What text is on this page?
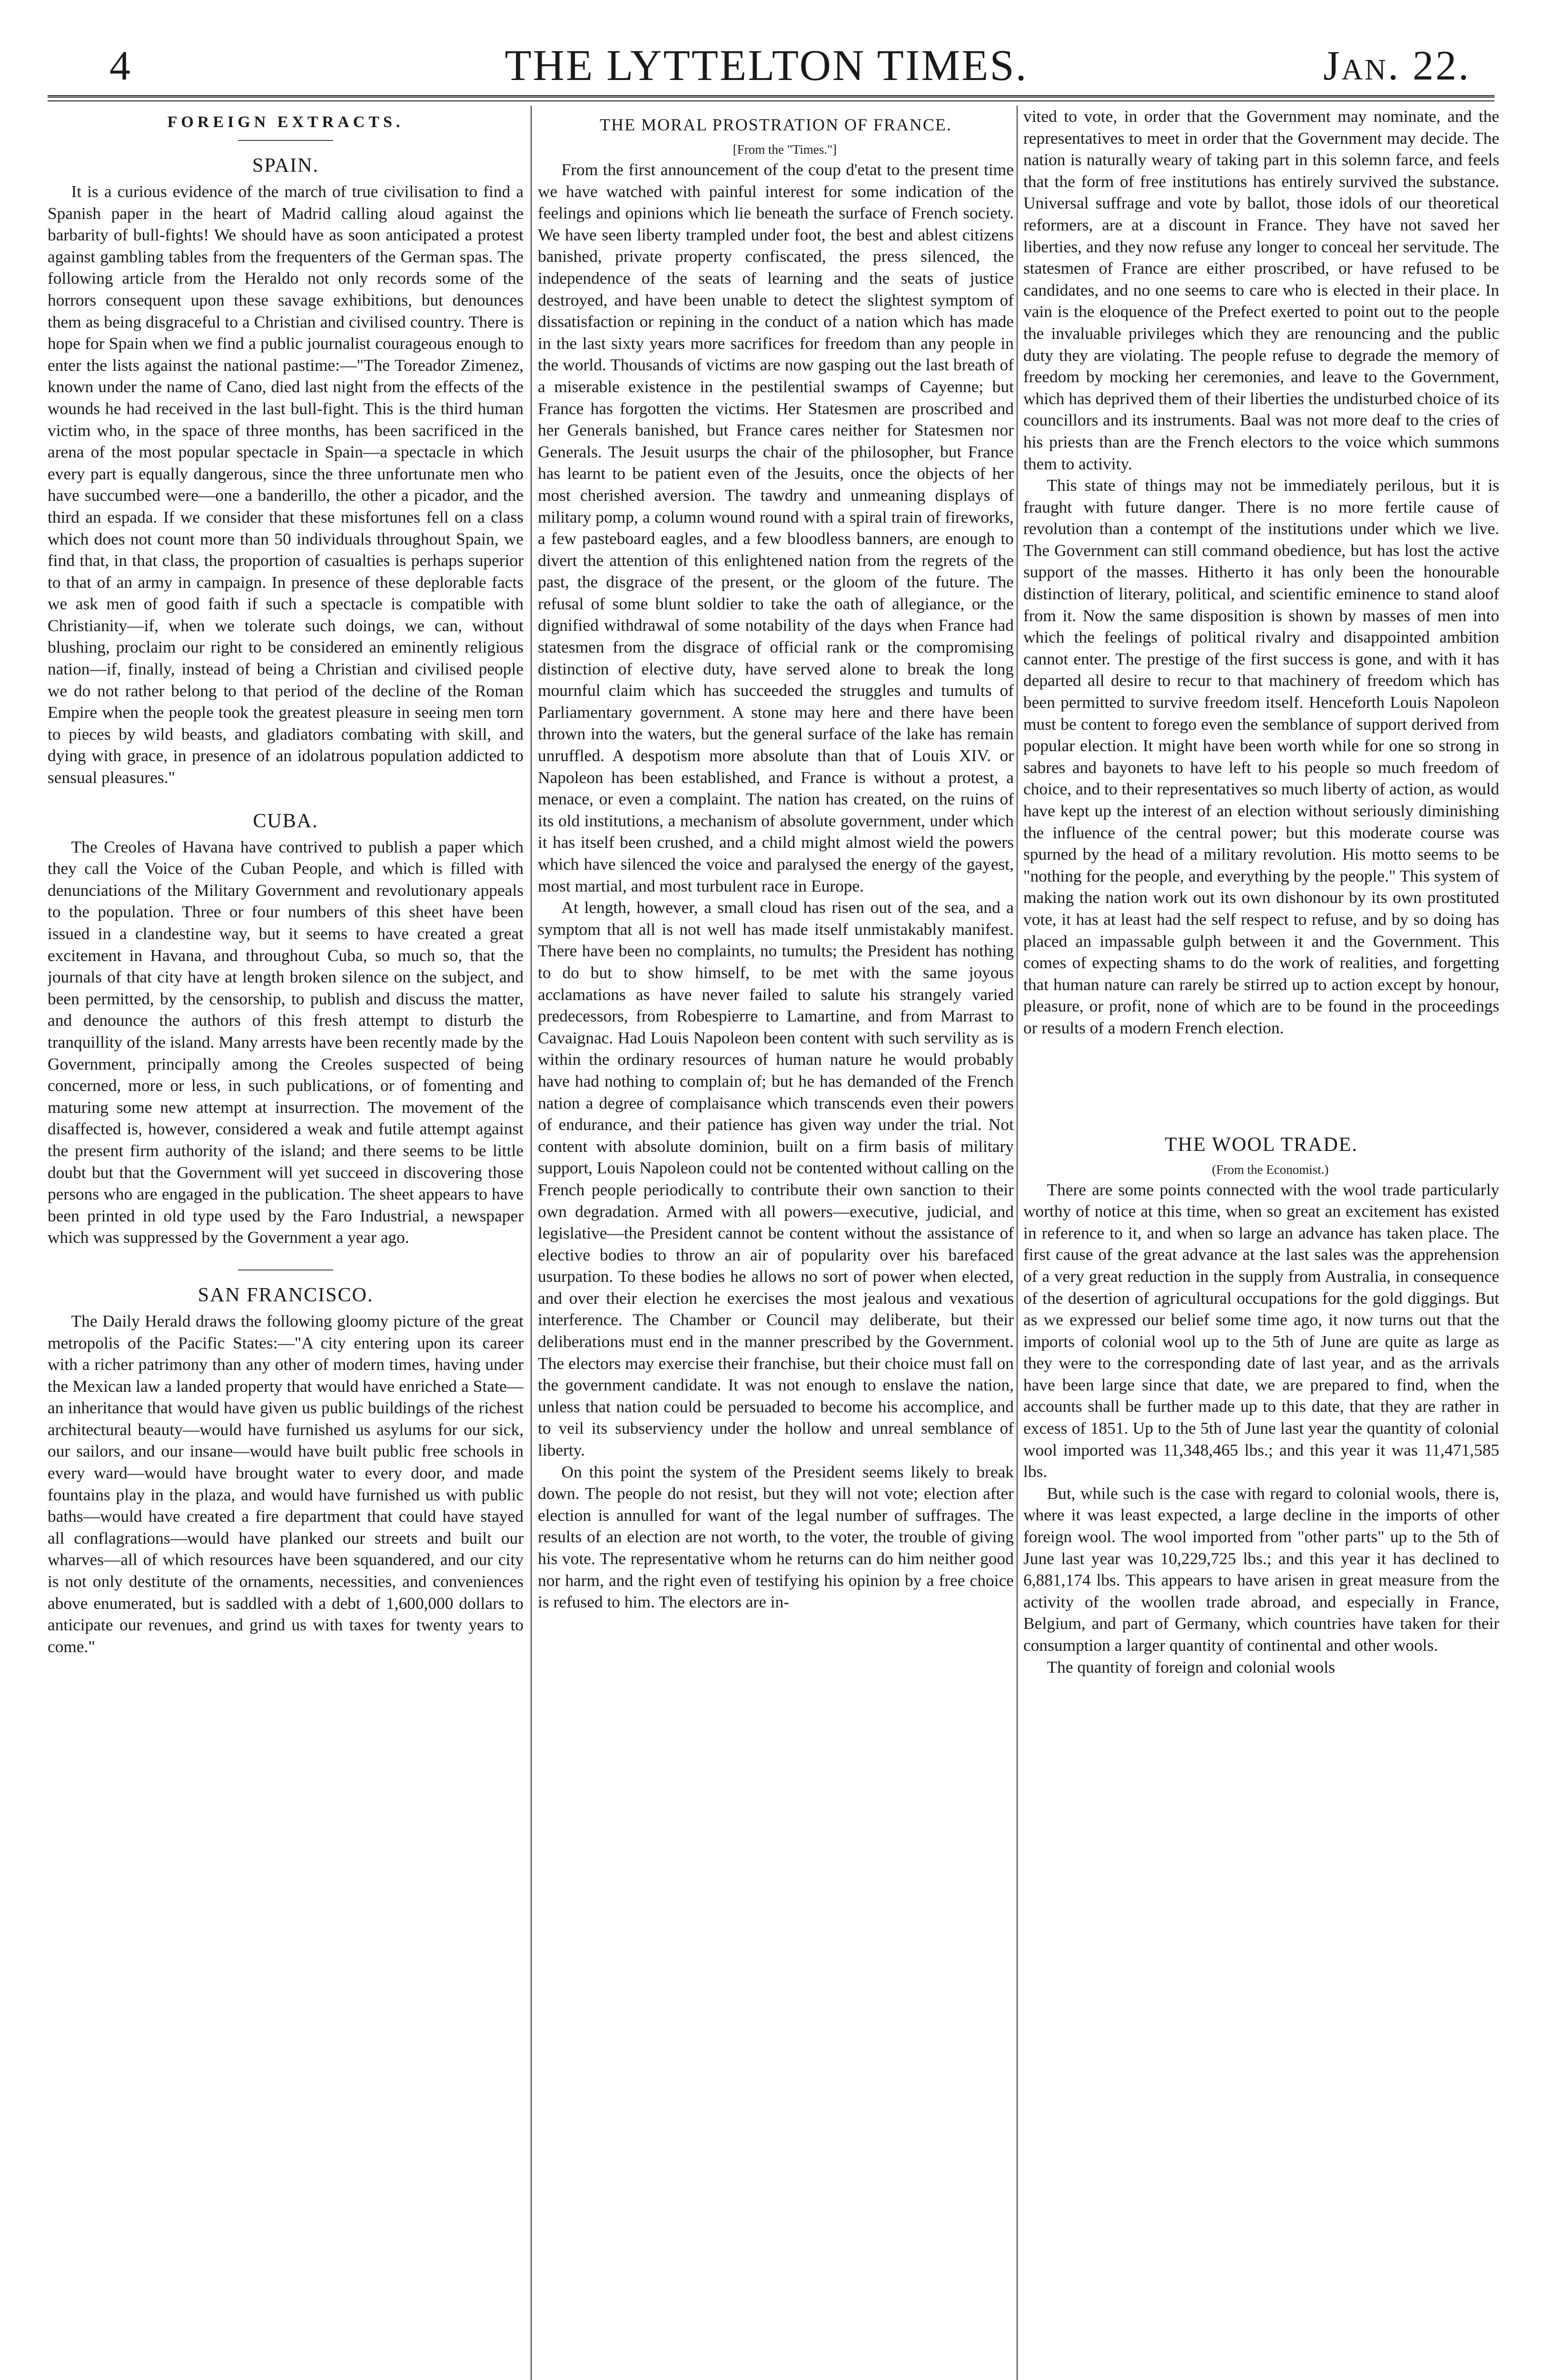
4	THE LYTTELTON TIMES.	Jan. 22.
FOREIGN EXTRACTS.
SPAIN.

It is a curious evidence of the march of true civilisation to find a Spanish paper in the heart of Madrid calling aloud against the barbarity of bull-fights! We should have as soon anticipated a protest against gambling tables from the frequenters of the German spas. The following article from the Heraldo not only records some of the horrors consequent upon these savage exhibitions, but denounces them as being disgraceful to a Christian and civilised country. There is hope for Spain when we find a public journalist courageous enough to enter the lists against the national pastime:—"The Toreador Zimenez, known under the name of Cano, died last night from the effects of the wounds he had received in the last bull-fight. This is the third human victim who, in the space of three months, has been sacrificed in the arena of the most popular spectacle in Spain—a spectacle in which every part is equally dangerous, since the three unfortunate men who have succumbed were—one a banderillo, the other a picador, and the third an espada. If we consider that these misfortunes fell on a class which does not count more than 50 individuals throughout Spain, we find that, in that class, the proportion of casualties is perhaps superior to that of an army in campaign. In presence of these deplorable facts we ask men of good faith if such a spectacle is compatible with Christianity—if, when we tolerate such doings, we can, without blushing, proclaim our right to be considered an eminently religious nation—if, finally, instead of being a Christian and civilised people we do not rather belong to that period of the decline of the Roman Empire when the people took the greatest pleasure in seeing men torn to pieces by wild beasts, and gladiators combating with skill, and dying with grace, in presence of an idolatrous population addicted to sensual pleasures."

CUBA.

The Creoles of Havana have contrived to publish a paper which they call the Voice of the Cuban People, and which is filled with denunciations of the Military Government and revolutionary appeals to the population. Three or four numbers of this sheet have been issued in a clandestine way, but it seems to have created a great excitement in Havana, and throughout Cuba, so much so, that the journals of that city have at length broken silence on the subject, and been permitted, by the censorship, to publish and discuss the matter, and denounce the authors of this fresh attempt to disturb the tranquillity of the island. Many arrests have been recently made by the Government, principally among the Creoles suspected of being concerned, more or less, in such publications, or of fomenting and maturing some new attempt at insurrection. The movement of the disaffected is, however, considered a weak and futile attempt against the present firm authority of the island; and there seems to be little doubt but that the Government will yet succeed in discovering those persons who are engaged in the publication. The sheet appears to have been printed in old type used by the Faro Industrial, a newspaper which was suppressed by the Government a year ago.

SAN FRANCISCO.

The Daily Herald draws the following gloomy picture of the great metropolis of the Pacific States:—"A city entering upon its career with a richer patrimony than any other of modern times, having under the Mexican law a landed property that would have enriched a State—an inheritance that would have given us public buildings of the richest architectural beauty—would have furnished us asylums for our sick, our sailors, and our insane—would have built public free schools in every ward—would have brought water to every door, and made fountains play in the plaza, and would have furnished us with public baths—would have created a fire department that could have stayed all conflagrations—would have planked our streets and built our wharves—all of which resources have been squandered, and our city is not only destitute of the ornaments, necessities, and conveniences above enumerated, but is saddled with a debt of 1,600,000 dollars to anticipate our revenues, and grind us with taxes for twenty years to come."

THE MORAL PROSTRATION OF FRANCE.

[From the "Times."]

From the first announcement of the coup d'etat to the present time we have watched with painful interest for some indication of the feelings and opinions which lie beneath the surface of French society. We have seen liberty trampled under foot, the best and ablest citizens banished, private property confiscated, the press silenced, the independence of the seats of learning and the seats of justice destroyed, and have been unable to detect the slightest symptom of dissatisfaction or repining in the conduct of a nation which has made in the last sixty years more sacrifices for freedom than any people in the world. Thousands of victims are now gasping out the last breath of a miserable existence in the pestilential swamps of Cayenne; but France has forgotten the victims. Her Statesmen are proscribed and her Generals banished, but France cares neither for Statesmen nor Generals. The Jesuit usurps the chair of the philosopher, but France has learnt to be patient even of the Jesuits, once the objects of her most cherished aversion. The tawdry and unmeaning displays of military pomp, a column wound round with a spiral train of fireworks, a few pasteboard eagles, and a few bloodless banners, are enough to divert the attention of this enlightened nation from the regrets of the past, the disgrace of the present, or the gloom of the future. The refusal of some blunt soldier to take the oath of allegiance, or the dignified withdrawal of some notability of the days when France had statesmen from the disgrace of official rank or the compromising distinction of elective duty, have served alone to break the long mournful claim which has succeeded the struggles and tumults of Parliamentary government. A stone may here and there have been thrown into the waters, but the general surface of the lake has remain unruffled. A despotism more absolute than that of Louis XIV. or Napoleon has been established, and France is without a protest, a menace, or even a complaint. The nation has created, on the ruins of its old institutions, a mechanism of absolute government, under which it has itself been crushed, and a child might almost wield the powers which have silenced the voice and paralysed the energy of the gayest, most martial, and most turbulent race in Europe.

At length, however, a small cloud has risen out of the sea, and a symptom that all is not well has made itself unmistakably manifest. There have been no complaints, no tumults; the President has nothing to do but to show himself, to be met with the same joyous acclamations as have never failed to salute his strangely varied predecessors, from Robespierre to Lamartine, and from Marrast to Cavaignac. Had Louis Napoleon been content with such servility as is within the ordinary resources of human nature he would probably have had nothing to complain of; but he has demanded of the French nation a degree of complaisance which transcends even their powers of endurance, and their patience has given way under the trial. Not content with absolute dominion, built on a firm basis of military support, Louis Napoleon could not be contented without calling on the French people periodically to contribute their own sanction to their own degradation. Armed with all powers—executive, judicial, and legislative—the President cannot be content without the assistance of elective bodies to throw an air of popularity over his barefaced usurpation. To these bodies he allows no sort of power when elected, and over their election he exercises the most jealous and vexatious interference. The Chamber or Council may deliberate, but their deliberations must end in the manner prescribed by the Government. The electors may exercise their franchise, but their choice must fall on the government candidate. It was not enough to enslave the nation, unless that nation could be persuaded to become his accomplice, and to veil its subserviency under the hollow and unreal semblance of liberty.

On this point the system of the President seems likely to break down. The people do not resist, but they will not vote; election after election is annulled for want of the legal number of suffrages. The results of an election are not worth, to the voter, the trouble of giving his vote. The representative whom he returns can do him neither good nor harm, and the right even of testifying his opinion by a free choice is refused to him. The electors are in-

vited to vote, in order that the Government may nominate, and the representatives to meet in order that the Government may decide. The nation is naturally weary of taking part in this solemn farce, and feels that the form of free institutions has entirely survived the substance. Universal suffrage and vote by ballot, those idols of our theoretical reformers, are at a discount in France. They have not saved her liberties, and they now refuse any longer to conceal her servitude. The statesmen of France are either proscribed, or have refused to be candidates, and no one seems to care who is elected in their place. In vain is the eloquence of the Prefect exerted to point out to the people the invaluable privileges which they are renouncing and the public duty they are violating. The people refuse to degrade the memory of freedom by mocking her ceremonies, and leave to the Government, which has deprived them of their liberties the undisturbed choice of its councillors and its instruments. Baal was not more deaf to the cries of his priests than are the French electors to the voice which summons them to activity.

This state of things may not be immediately perilous, but it is fraught with future danger. There is no more fertile cause of revolution than a contempt of the institutions under which we live. The Government can still command obedience, but has lost the active support of the masses. Hitherto it has only been the honourable distinction of literary, political, and scientific eminence to stand aloof from it. Now the same disposition is shown by masses of men into which the feelings of political rivalry and disappointed ambition cannot enter. The prestige of the first success is gone, and with it has departed all desire to recur to that machinery of freedom which has been permitted to survive freedom itself. Henceforth Louis Napoleon must be content to forego even the semblance of support derived from popular election. It might have been worth while for one so strong in sabres and bayonets to have left to his people so much freedom of choice, and to their representatives so much liberty of action, as would have kept up the interest of an election without seriously diminishing the influence of the central power; but this moderate course was spurned by the head of a military revolution. His motto seems to be "nothing for the people, and everything by the people." This system of making the nation work out its own dishonour by its own prostituted vote, it has at least had the self respect to refuse, and by so doing has placed an impassable gulph between it and the Government. This comes of expecting shams to do the work of realities, and forgetting that human nature can rarely be stirred up to action except by honour, pleasure, or profit, none of which are to be found in the proceedings or results of a modern French election.

THE WOOL TRADE.

(From the Economist.)

There are some points connected with the wool trade particularly worthy of notice at this time, when so great an excitement has existed in reference to it, and when so large an advance has taken place. The first cause of the great advance at the last sales was the apprehension of a very great reduction in the supply from Australia, in consequence of the desertion of agricultural occupations for the gold diggings. But as we expressed our belief some time ago, it now turns out that the imports of colonial wool up to the 5th of June are quite as large as they were to the corresponding date of last year, and as the arrivals have been large since that date, we are prepared to find, when the accounts shall be further made up to this date, that they are rather in excess of 1851. Up to the 5th of June last year the quantity of colonial wool imported was 11,348,465 lbs.; and this year it was 11,471,585 lbs.

But, while such is the case with regard to colonial wools, there is, where it was least expected, a large decline in the imports of other foreign wool. The wool imported from "other parts" up to the 5th of June last year was 10,229,725 lbs.; and this year it has declined to 6,881,174 lbs. This appears to have arisen in great measure from the activity of the woollen trade abroad, and especially in France, Belgium, and part of Germany, which countries have taken for their consumption a larger quantity of continental and other wools.

The quantity of foreign and colonial wools
